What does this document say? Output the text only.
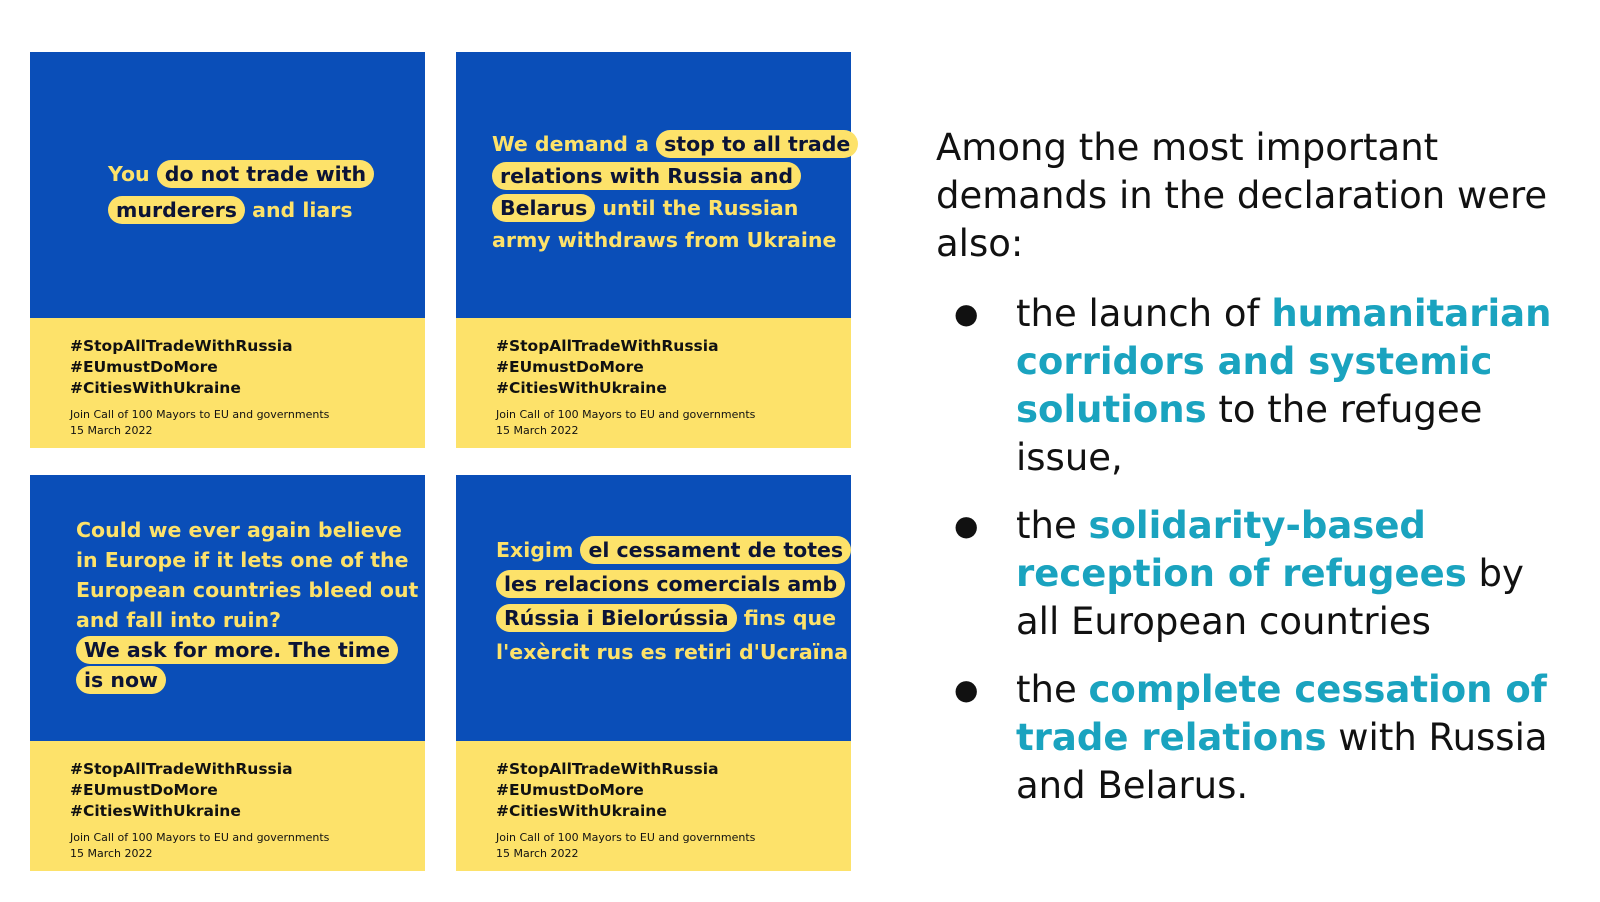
You do not trade with
murderers and liars
#StopAllTradeWithRussia
#EUmustDoMore
#CitiesWithUkraine
Join Call of 100 Mayors to EU and governments
15 March 2022
We demand a stop to all trade
relations with Russia and
Belarus until the Russian
army withdraws from Ukraine
#StopAllTradeWithRussia
#EUmustDoMore
#CitiesWithUkraine
Join Call of 100 Mayors to EU and governments
15 March 2022
Could we ever again believe
in Europe if it lets one of the
European countries bleed out
and fall into ruin?
We ask for more. The time
is now
#StopAllTradeWithRussia
#EUmustDoMore
#CitiesWithUkraine
Join Call of 100 Mayors to EU and governments
15 March 2022
Exigim el cessament de totes
les relacions comercials amb
Rússia i Bielorússia fins que
l'exèrcit rus es retiri d'Ucraïna
#StopAllTradeWithRussia
#EUmustDoMore
#CitiesWithUkraine
Join Call of 100 Mayors to EU and governments
15 March 2022

Among the most important demands in the declaration were also:

● the launch of humanitarian corridors and systemic solutions to the refugee issue,
● the solidarity-based reception of refugees by all European countries
● the complete cessation of trade relations with Russia and Belarus.
